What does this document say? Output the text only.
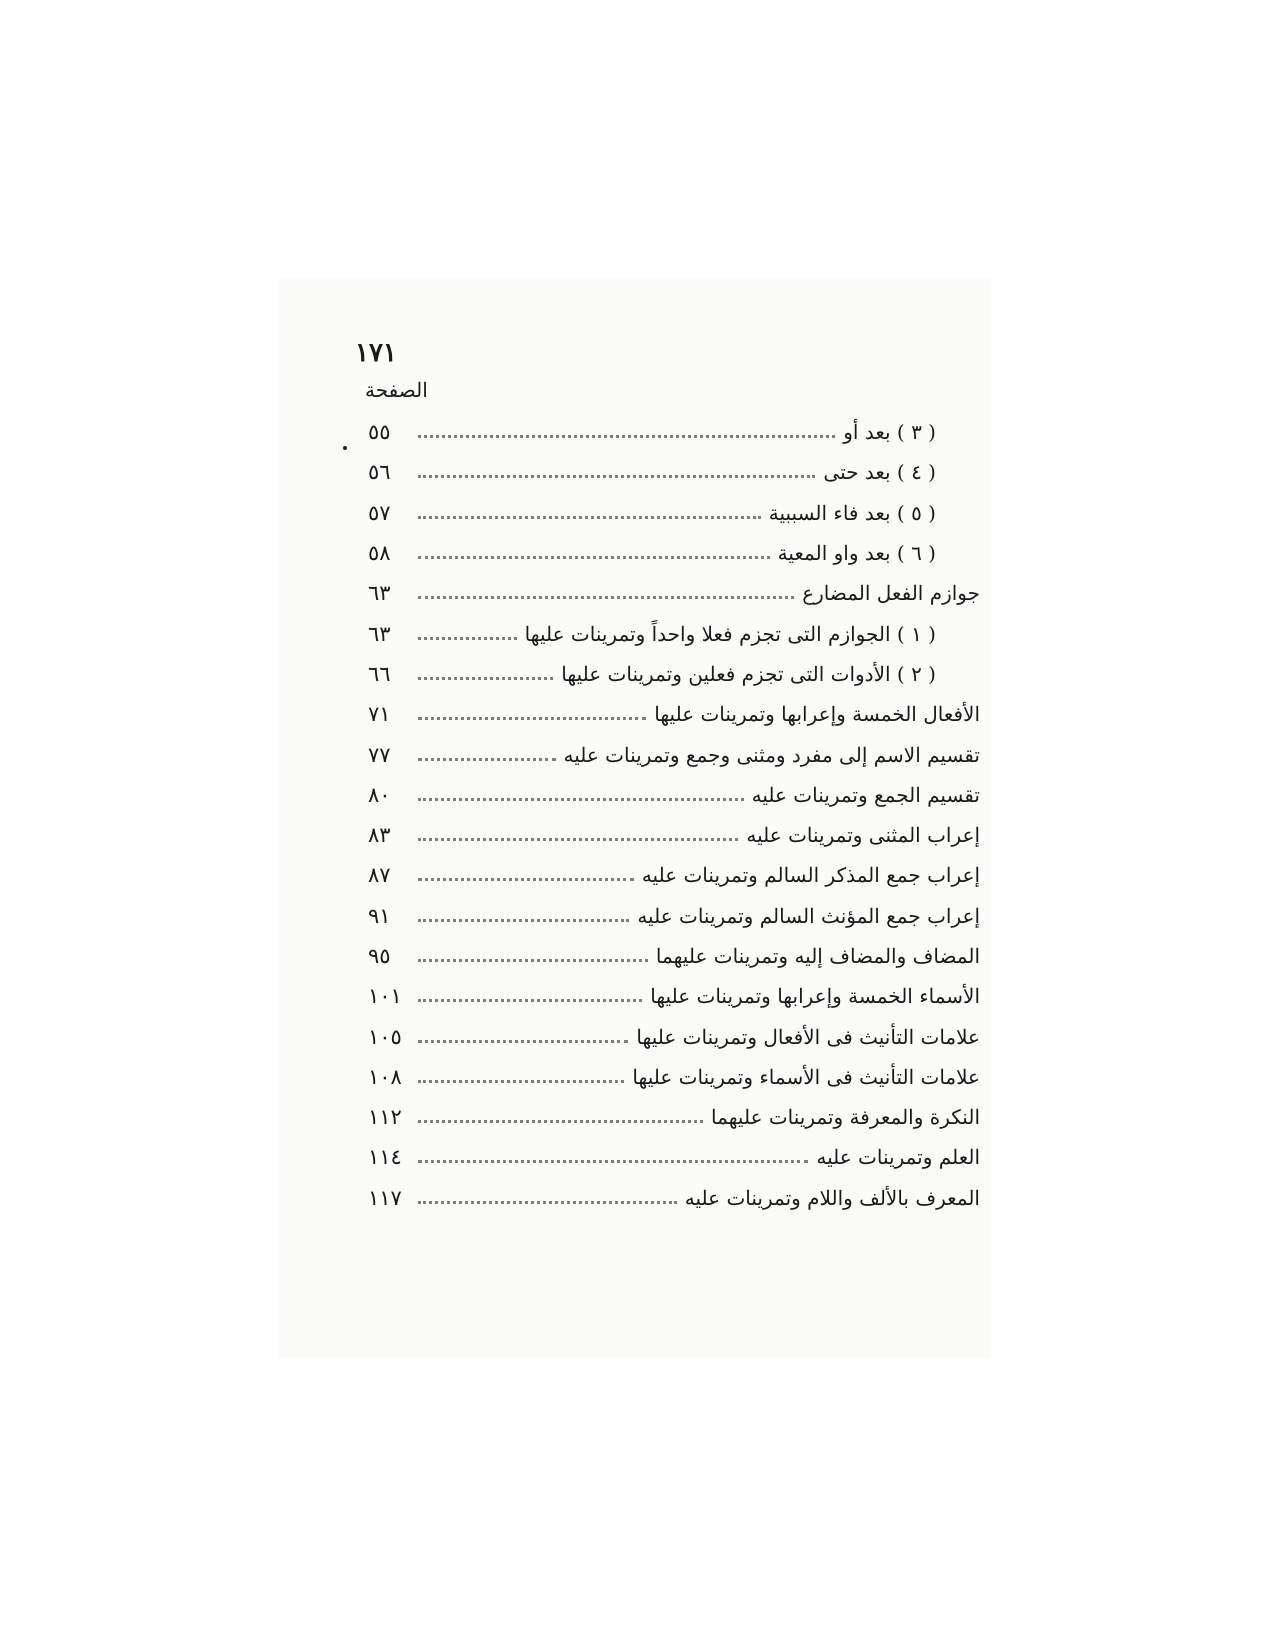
١٧١
الصفحة
٥٥	( ٣ ) بعد أو
٥٦	( ٤ ) بعد حتى
٥٧	( ٥ ) بعد فاء السببية
٥٨	( ٦ ) بعد واو المعية
٦٣	جوازم الفعل المضارع
٦٣	( ١ ) الجوازم التى تجزم فعلا واحداً وتمرينات عليها
٦٦	( ٢ ) الأدوات التى تجزم فعلين وتمرينات عليها
٧١	الأفعال الخمسة وإعرابها وتمرينات عليها
٧٧	تقسيم الاسم إلى مفرد ومثنى وجمع وتمرينات عليه
٨٠	تقسيم الجمع وتمرينات عليه
٨٣	إعراب المثنى وتمرينات عليه
٨٧	إعراب جمع المذكر السالم وتمرينات عليه
٩١	إعراب جمع المؤنث السالم وتمرينات عليه
٩٥	المضاف والمضاف إليه وتمرينات عليهما
١٠١	الأسماء الخمسة وإعرابها وتمرينات عليها
١٠٥	علامات التأنيث فى الأفعال وتمرينات عليها
١٠٨	علامات التأنيث فى الأسماء وتمرينات عليها
١١٢	النكرة والمعرفة وتمرينات عليهما
١١٤	العلم وتمرينات عليه
١١٧	المعرف بالألف واللام وتمرينات عليه
